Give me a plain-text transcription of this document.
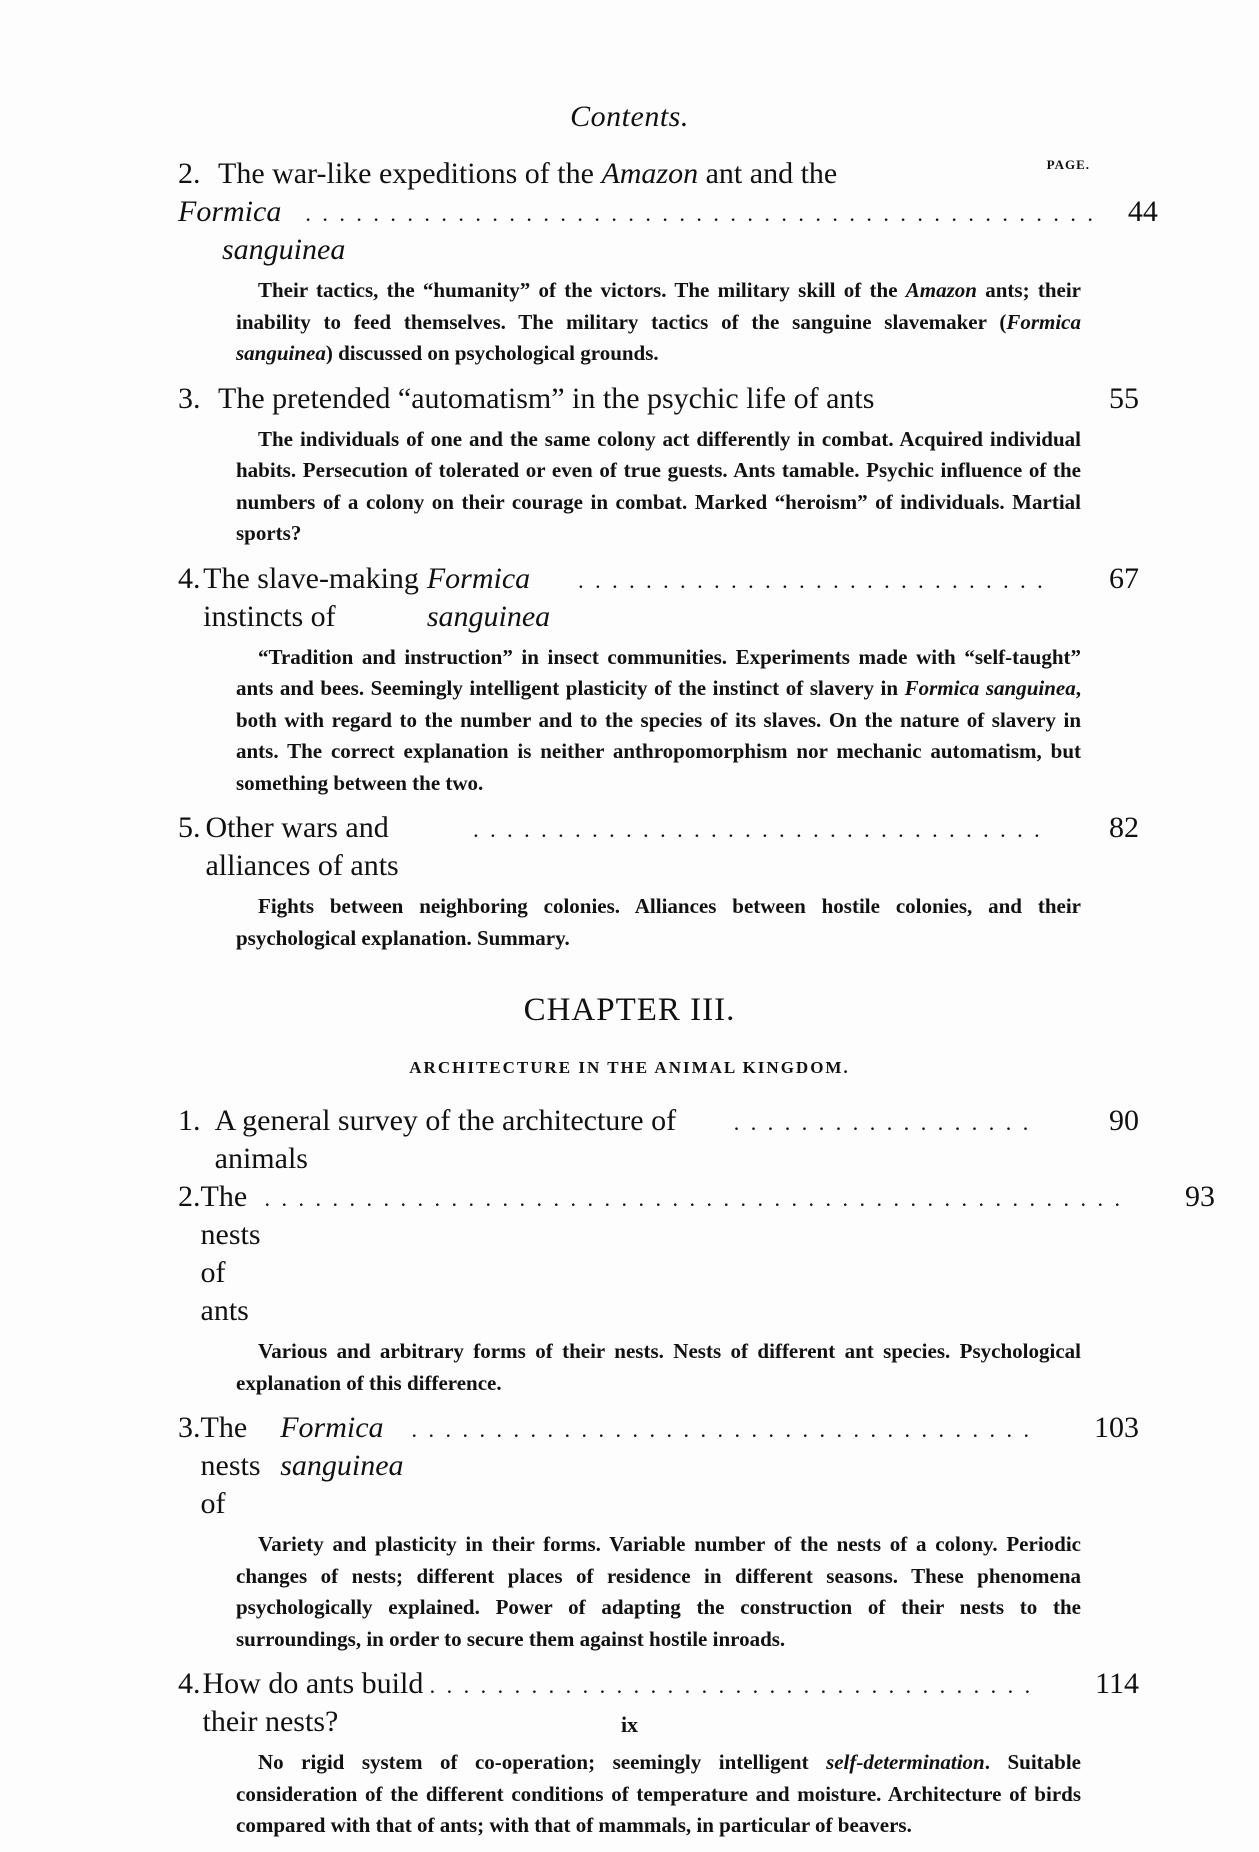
Contents.
PAGE.
2. The war-like expeditions of the Amazon ant and the
Formica sanguinea
. . . . . . . . . . . . . . . . . . . . . . . . . . . . . . . . . . . . . . . . . . . . . . . 44
Their tactics, the “humanity” of the victors. The military skill of the Amazon ants; their inability to feed themselves. The military tactics of the sanguine slavemaker (Formica sanguinea) discussed on psychological grounds.
3. The pretended “automatism” in the psychic life of ants	55
The individuals of one and the same colony act differently in combat. Acquired individual habits. Persecution of tolerated or even of true guests. Ants tamable. Psychic influence of the numbers of a colony on their courage in combat. Marked “heroism” of individuals. Martial sports?
4. The slave-making instincts of
Formica sanguinea
. . . . . . . . . . . . . . . . . . . . . . . . . . . . 67
“Tradition and instruction” in insect communities. Experiments made with “self-taught” ants and bees. Seemingly intelligent plasticity of the instinct of slavery in Formica sanguinea, both with regard to the number and to the species of its slaves. On the nature of slavery in ants. The correct explanation is neither anthropomorphism nor mechanic automatism, but something between the two.
5. Other wars and alliances of ants
. . . . . . . . . . . . . . . . . . . . . . . . . . . . . . . . . . 82
Fights between neighboring colonies. Alliances between hostile colonies, and their psychological explanation. Summary.
CHAPTER III.
ARCHITECTURE IN THE ANIMAL KINGDOM.
1. A general survey of the architecture of animals
. . . . . . . . . . . . . . . . . .	90
2. The nests of ants
. . . . . . . . . . . . . . . . . . . . . . . . . . . . . . . . . . . . . . . . . . . . . . . . . . . 93
Various and arbitrary forms of their nests. Nests of different ant species. Psychological explanation of this difference.
3. The nests of
Formica sanguinea
. . . . . . . . . . . . . . . . . . . . . . . . . . . . . . . . . . . . . 103
Variety and plasticity in their forms. Variable number of the nests of a colony. Periodic changes of nests; different places of residence in different seasons. These phenomena psychologically explained. Power of adapting the construction of their nests to the surroundings, in order to secure them against hostile inroads.
4. How do ants build their nests?
. . . . . . . . . . . . . . . . . . . . . . . . . . . . . . . . . . . . 114
No rigid system of co-operation; seemingly intelligent self-determination. Suitable consideration of the different conditions of temperature and moisture. Architecture of birds compared with that of ants; with that of mammals, in particular of beavers.
ix
